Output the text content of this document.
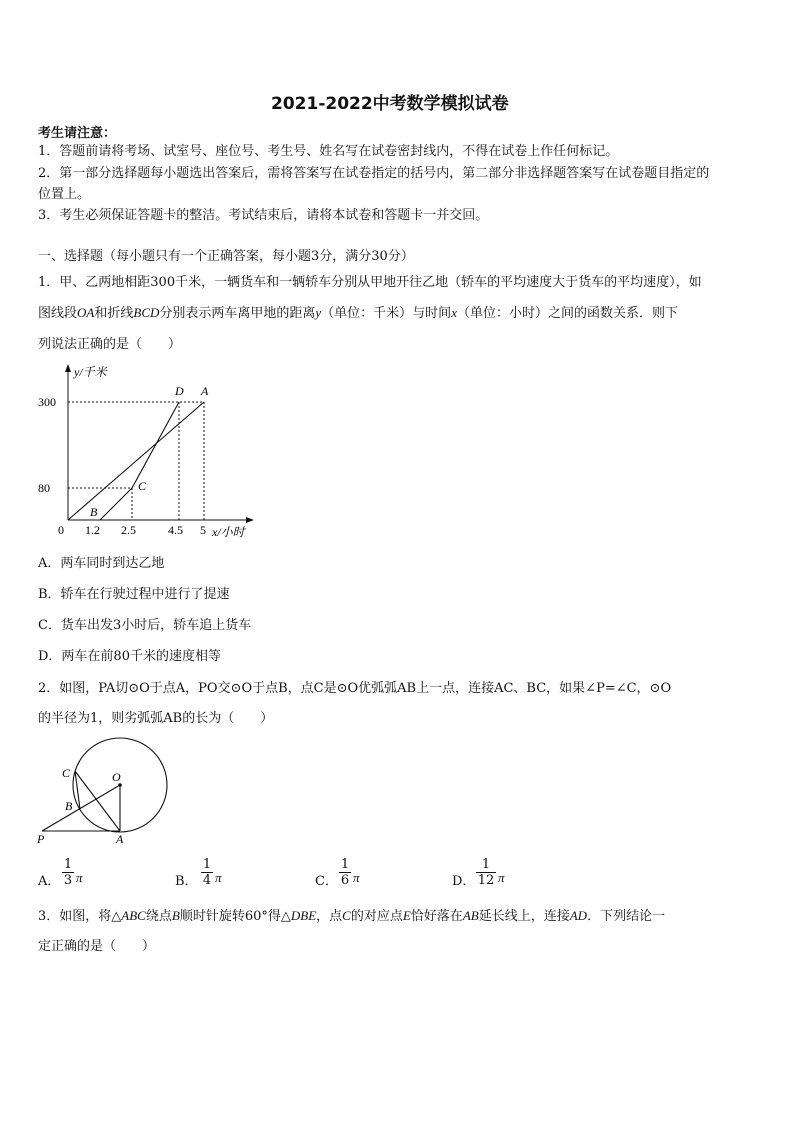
2021-2022中考数学模拟试卷
考生请注意：
1．答题前请将考场、试室号、座位号、考生号、姓名写在试卷密封线内，不得在试卷上作任何标记。
2．第一部分选择题每小题选出答案后，需将答案写在试卷指定的括号内，第二部分非选择题答案写在试卷题目指定的
位置上。
3．考生必须保证答题卡的整洁。考试结束后，请将本试卷和答题卡一并交回。
一、选择题（每小题只有一个正确答案，每小题3分，满分30分）
1．甲、乙两地相距300千米，一辆货车和一辆轿车分别从甲地开往乙地（轿车的平均速度大于货车的平均速度），如
图线段OA和折线BCD分别表示两车离甲地的距离y（单位：千米）与时间x（单位：小时）之间的函数关系．则下
列说法正确的是（　　）
y/千米
x/小时
300
80
0 1.2 2.5	4.5 5
D A
C
B
A．两车同时到达乙地
B．轿车在行驶过程中进行了提速
C．货车出发3小时后，轿车追上货车
D．两车在前80千米的速度相等
2．如图，PA切⊙O于点A，PO交⊙O于点B，点C是⊙O优弧弧AB上一点，连接AC、BC，如果∠P=∠C，⊙O
的半径为1，则劣弧弧AB的长为（　　）
C	O
B
P	A
A． $\frac{1}{3}$ π	B． $\frac{1}{4}$ π	C． $\frac{1}{6}$ π	D． $\frac{1}{12}$ π
3．如图，将△ABC绕点B顺时针旋转60°得△DBE，点C的对应点E恰好落在AB延长线上，连接AD．下列结论一
定正确的是（　　）
